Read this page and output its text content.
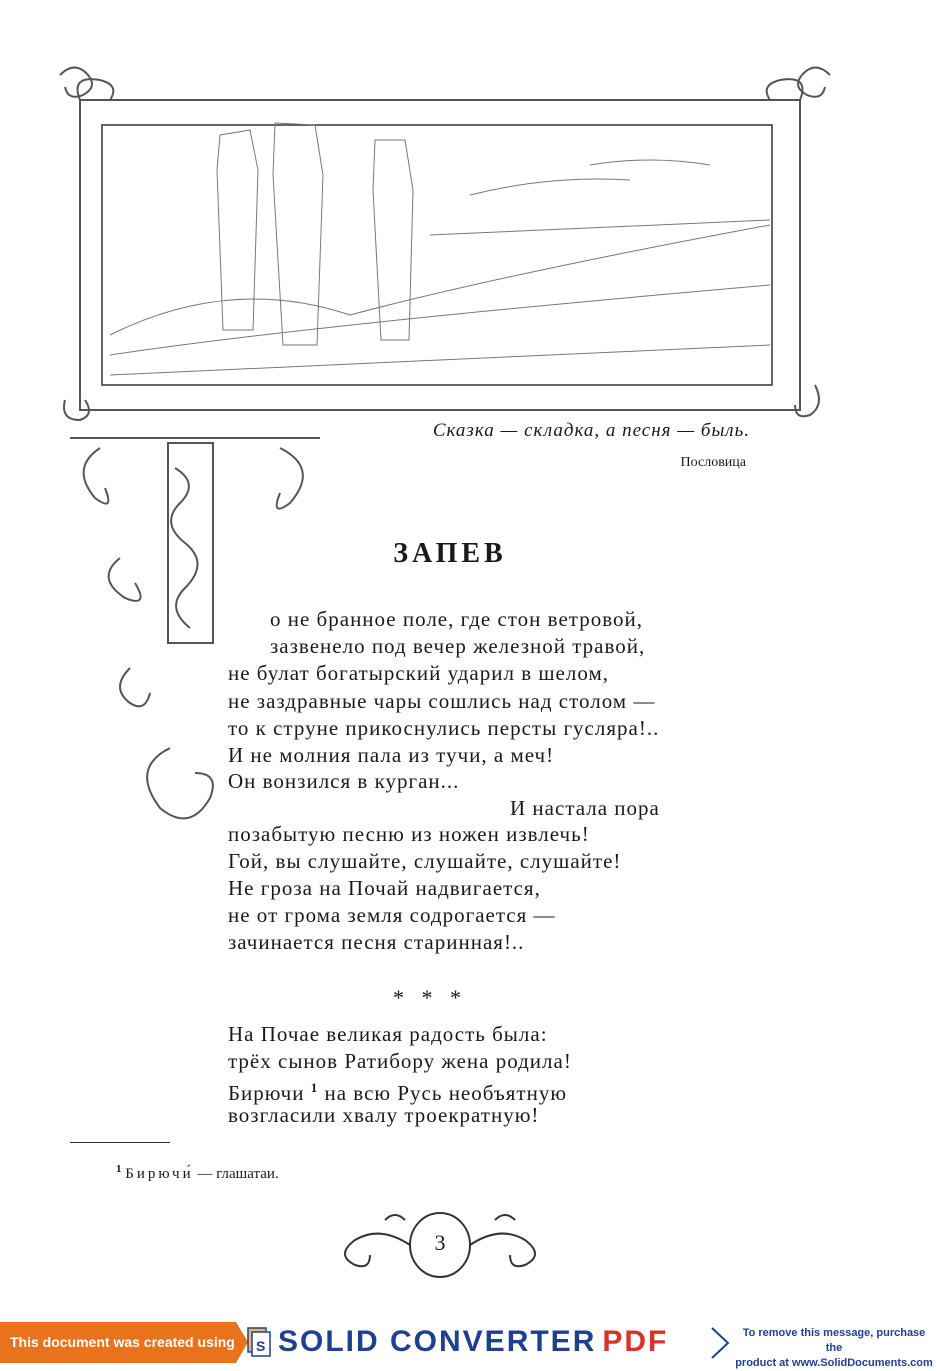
Сказка — складка, а песня — быль.
Пословица
ЗАПЕВ
о не бранное поле, где стон ветровой,
зазвенело под вечер железной травой,
не булат богатырский ударил в шелом,
не заздравные чары сошлись над столом —
то к струне прикоснулись персты гусляра!..
И не молния пала из тучи, а меч!
Он вонзился в курган...
И настала пора
позабытую песню из ножен извлечь!
Гой, вы слушайте, слушайте, слушайте!
Не гроза на Почай надвигается,
не от грома земля содрогается —
зачинается песня старинная!..
* * *
На Почае великая радость была:
трёх сынов Ратибору жена родила!
Бирючи $^1$ на всю Русь необъятную
возгласили хвалу троекратную!
$^1$ Бирючи́ — глашатаи.
3
This document was created using S SOLID CONVERTER PDF	To remove this message, purchase the
product at www.SolidDocuments.com
